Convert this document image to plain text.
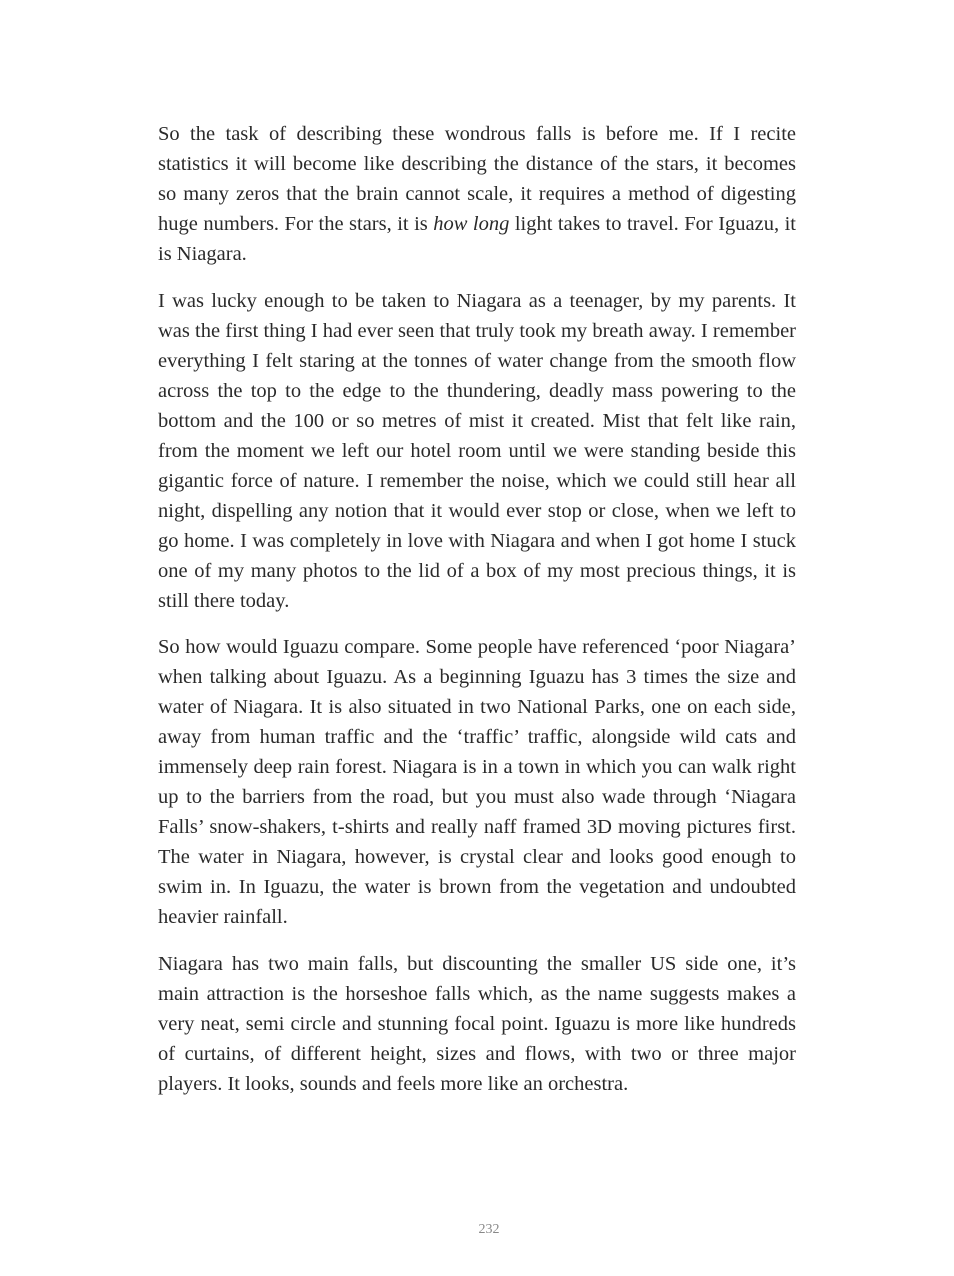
So the task of describing these wondrous falls is before me. If I recite statistics it will become like describing the distance of the stars, it becomes so many zeros that the brain cannot scale, it requires a method of digesting huge numbers. For the stars, it is how long light takes to travel. For Iguazu, it is Niagara.

I was lucky enough to be taken to Niagara as a teenager, by my parents. It was the first thing I had ever seen that truly took my breath away. I remember everything I felt staring at the tonnes of water change from the smooth flow across the top to the edge to the thundering, deadly mass powering to the bottom and the 100 or so metres of mist it created. Mist that felt like rain, from the moment we left our hotel room until we were standing beside this gigantic force of nature. I remember the noise, which we could still hear all night, dispelling any notion that it would ever stop or close, when we left to go home. I was completely in love with Niagara and when I got home I stuck one of my many photos to the lid of a box of my most precious things, it is still there today.

So how would Iguazu compare. Some people have referenced ‘poor Niagara’ when talking about Iguazu. As a beginning Iguazu has 3 times the size and water of Niagara. It is also situated in two National Parks, one on each side, away from human traffic and the ‘traffic’ traffic, alongside wild cats and immensely deep rain forest. Niagara is in a town in which you can walk right up to the barriers from the road, but you must also wade through ‘Niagara Falls’ snow-shakers, t-shirts and really naff framed 3D moving pictures first. The water in Niagara, however, is crystal clear and looks good enough to swim in. In Iguazu, the water is brown from the vegetation and undoubted heavier rainfall.

Niagara has two main falls, but discounting the smaller US side one, it’s main attraction is the horseshoe falls which, as the name suggests makes a very neat, semi circle and stunning focal point. Iguazu is more like hundreds of curtains, of different height, sizes and flows, with two or three major players. It looks, sounds and feels more like an orchestra.

232
